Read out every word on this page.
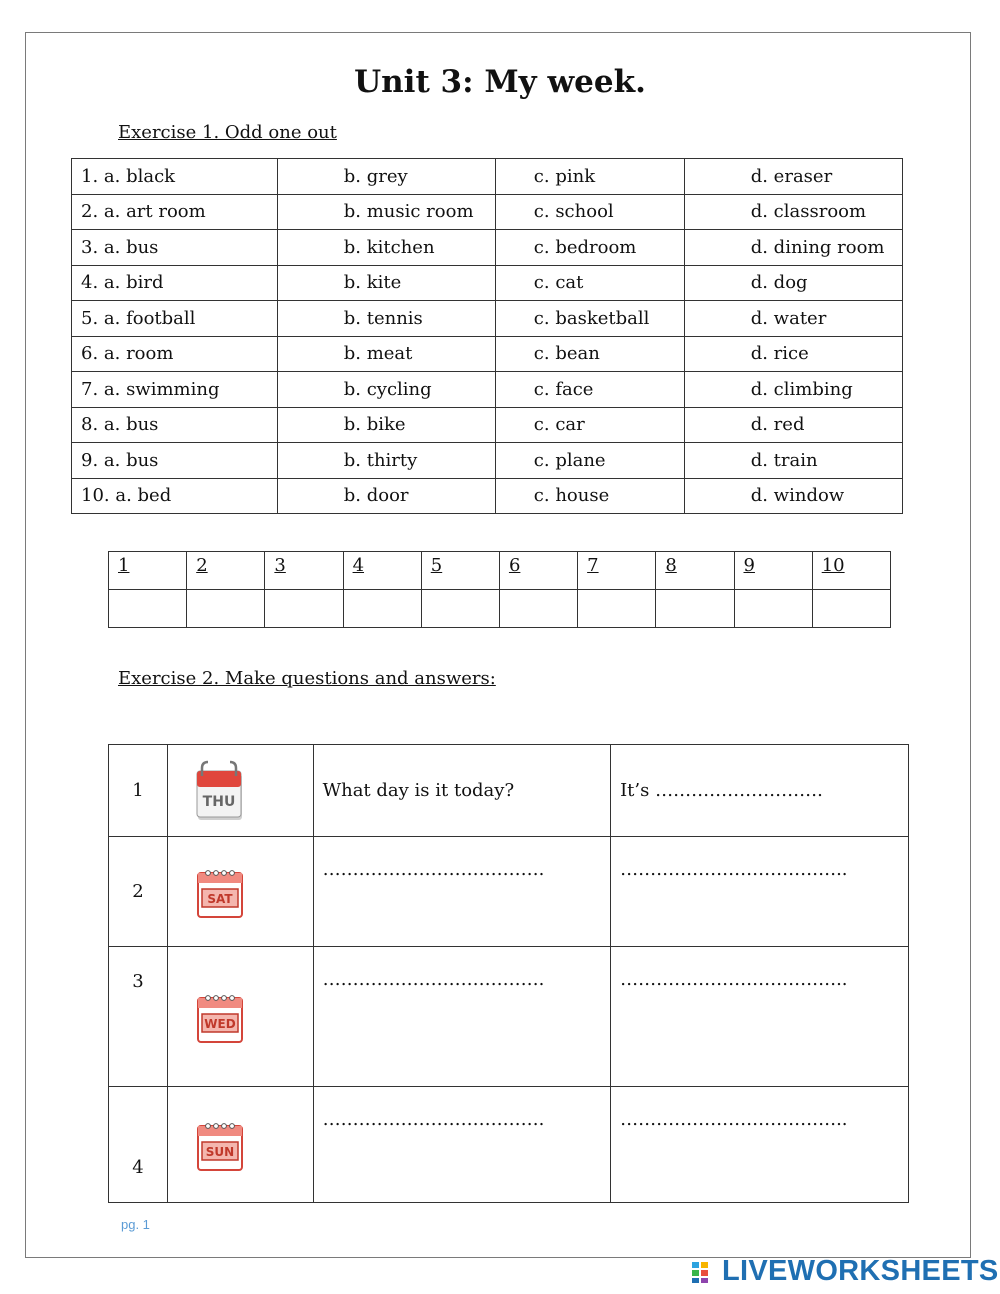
Unit 3: My week.
Exercise 1. Odd one out
1. a. black	b. grey	c. pink	d. eraser
2. a. art room	b. music room	c. school	d. classroom
3. a. bus	b. kitchen	c. bedroom	d. dining room
4. a. bird	b. kite	c. cat	d. dog
5. a. football	b. tennis	c. basketball	d. water
6. a. room	b. meat	c. bean	d. rice
7. a. swimming	b. cycling	c. face	d. climbing
8. a. bus	b. bike	c. car	d. red
9. a. bus	b. thirty	c. plane	d. train
10. a. bed	b. door	c. house	d. window
1	2	3	4	5	6	7	8	9	10

Exercise 2. Make questions and answers:
1	THU	What day is it today?	It’s ……………………….
2	SAT	……………………………….	………………………………..
3	WED	……………………………….	………………………………..
4	SUN	……………………………….	………………………………..
pg. 1
LIVEWORKSHEETS
